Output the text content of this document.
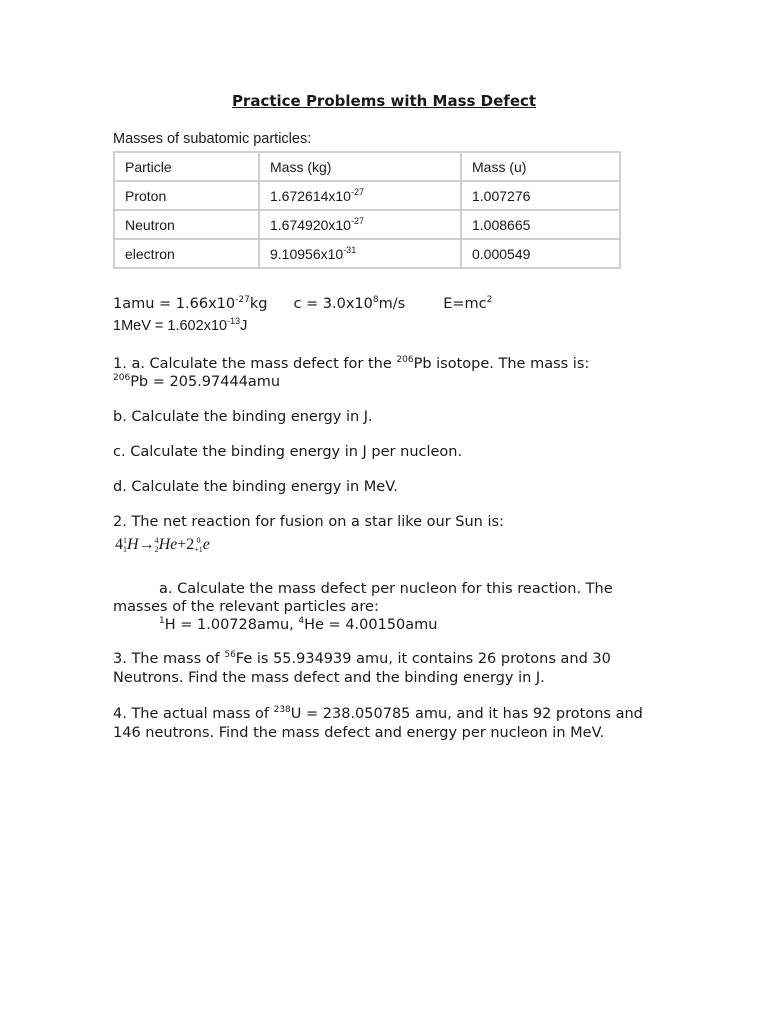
Practice Problems with Mass Defect
Masses of subatomic particles:
Particle	Mass (kg)	Mass (u)
Proton	$1.672614x10^{-27}$	1.007276
Neutron	$1.674920x10^{-27}$	1.008665
electron	$9.10956x10^{-31}$	0.000549
$1amu = 1.66x10^{-27}kg$ $c = 3.0x10^8m/s$	$E=mc^2$
$1MeV = 1.602x10^{-13}J$
1. a. Calculate the mass defect for the $^{206}$Pb isotope. The mass is:
$^{206}$Pb = 205.97444amu
b. Calculate the binding energy in J.
c. Calculate the binding energy in J per nucleon.
d. Calculate the binding energy in MeV.
2. The net reaction for fusion on a star like our Sun is:
4 1
1 H→ 4
2 He+2 0
+1 e
a. Calculate the mass defect per nucleon for this reaction. The
masses of the relevant particles are:
$^1$H = 1.00728amu, $^4$He = 4.00150amu
3. The mass of $^{56}$Fe is 55.934939 amu, it contains 26 protons and 30
Neutrons. Find the mass defect and the binding energy in J.
4. The actual mass of $^{238}$U = 238.050785 amu, and it has 92 protons and
146 neutrons. Find the mass defect and energy per nucleon in MeV.
